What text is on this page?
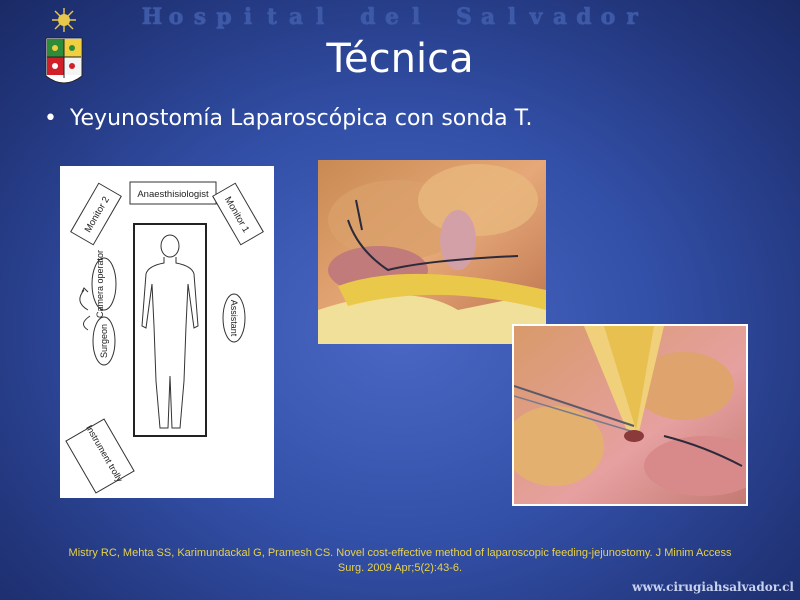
H o s p i t a l d e l S a l v a d o r
Técnica
• Yeyunostomía Laparoscópica con sonda T.
Anaesthisiologist
Monitor 2	Monitor 1
Camera operator
Surgeon
Assistant
Instrument trolly
Mistry RC, Mehta SS, Karimundackal G, Pramesh CS. Novel cost-effective method of laparoscopic feeding-jejunostomy. J Minim Access
Surg. 2009 Apr;5(2):43-6.
www.cirugiahsalvador.cl
